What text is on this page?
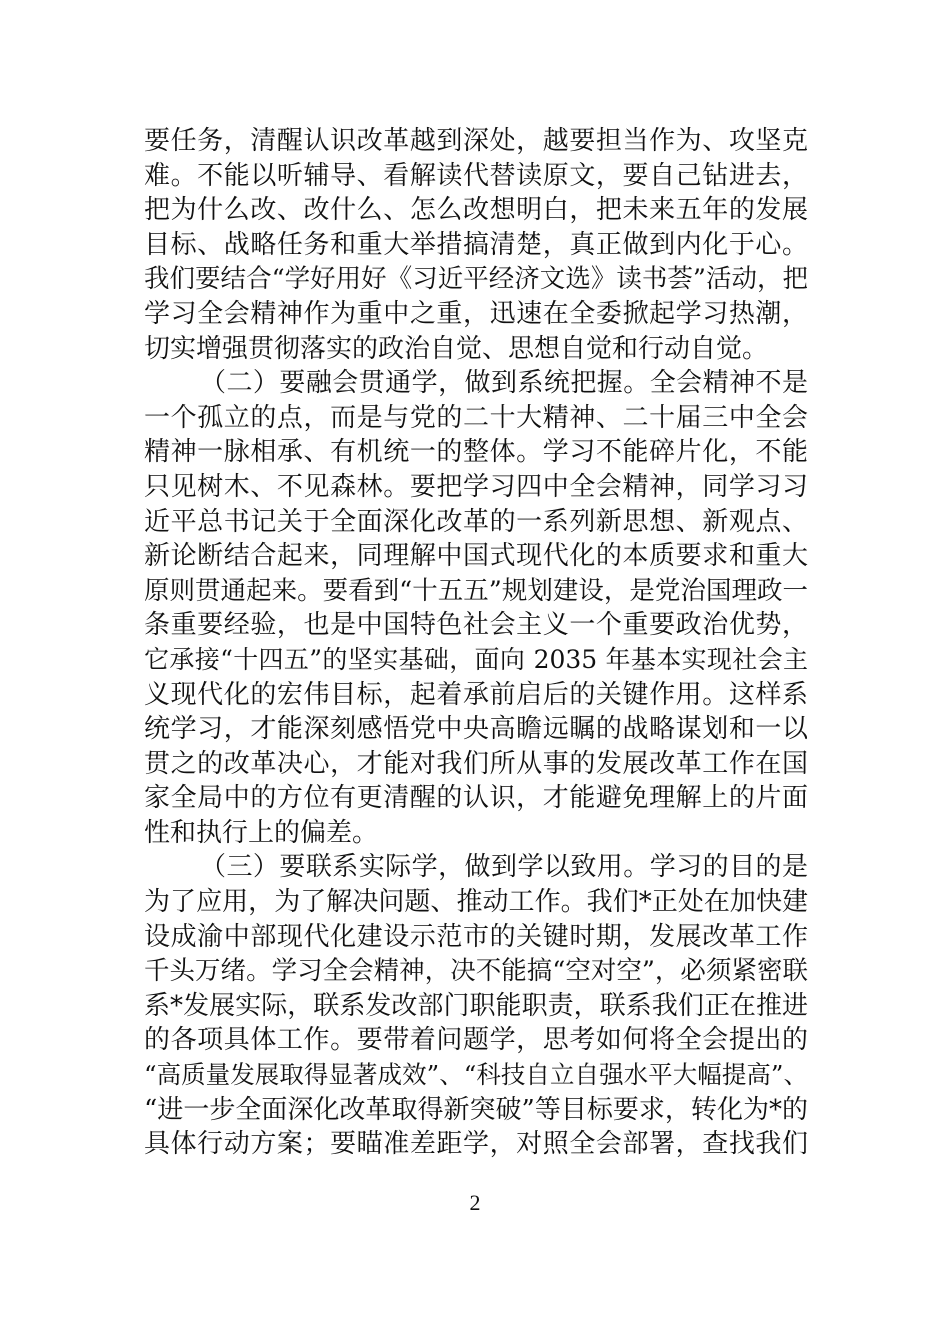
要任务，清醒认识改革越到深处，越要担当作为、攻坚克
难。不能以听辅导、看解读代替读原文，要自己钻进去，
把为什么改、改什么、怎么改想明白，把未来五年的发展
目标、战略任务和重大举措搞清楚，真正做到内化于心。
我们要结合“学好用好《习近平经济文选》读书荟”活动，把
学习全会精神作为重中之重，迅速在全委掀起学习热潮，
切实增强贯彻落实的政治自觉、思想自觉和行动自觉。
（二）要融会贯通学，做到系统把握。全会精神不是
一个孤立的点，而是与党的二十大精神、二十届三中全会
精神一脉相承、有机统一的整体。学习不能碎片化，不能
只见树木、不见森林。要把学习四中全会精神，同学习习
近平总书记关于全面深化改革的一系列新思想、新观点、
新论断结合起来，同理解中国式现代化的本质要求和重大
原则贯通起来。要看到“十五五”规划建设，是党治国理政一
条重要经验，也是中国特色社会主义一个重要政治优势，
它承接“十四五”的坚实基础，面向 2035 年基本实现社会主
义现代化的宏伟目标，起着承前启后的关键作用。这样系
统学习，才能深刻感悟党中央高瞻远瞩的战略谋划和一以
贯之的改革决心，才能对我们所从事的发展改革工作在国
家全局中的方位有更清醒的认识，才能避免理解上的片面
性和执行上的偏差。
（三）要联系实际学，做到学以致用。学习的目的是
为了应用，为了解决问题、推动工作。我们*正处在加快建
设成渝中部现代化建设示范市的关键时期，发展改革工作
千头万绪。学习全会精神，决不能搞“空对空”，必须紧密联
系*发展实际，联系发改部门职能职责，联系我们正在推进
的各项具体工作。要带着问题学，思考如何将全会提出的
“高质量发展取得显著成效”、“科技自立自强水平大幅提高”、
“进一步全面深化改革取得新突破”等目标要求，转化为*的
具体行动方案；要瞄准差距学，对照全会部署，查找我们
2
